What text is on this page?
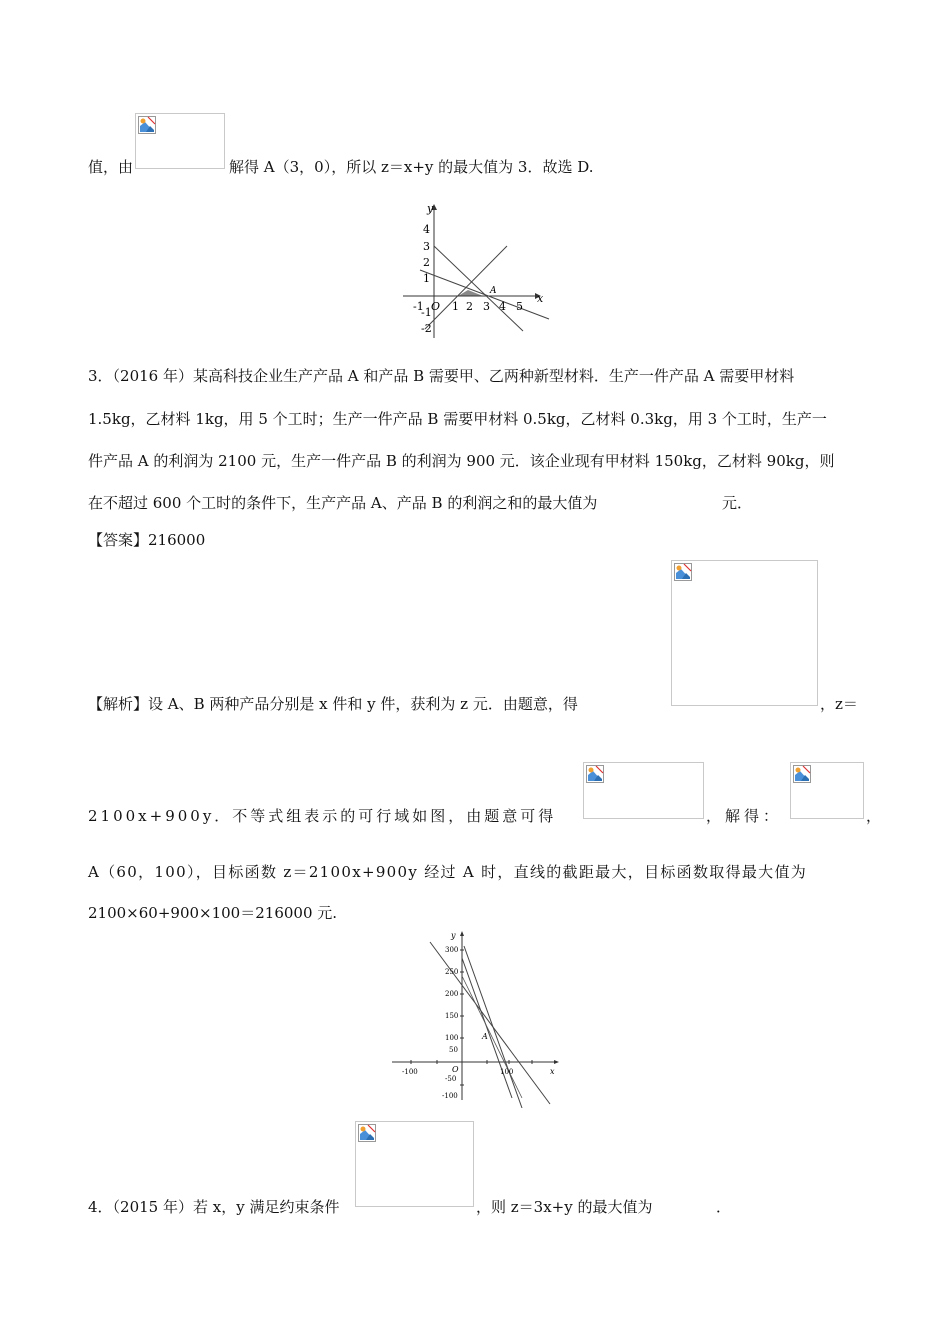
值，由	解得 A（3，0），所以 z＝x+y 的最大值为 3．故选 D.
y
x
O
A
4
3
2
1
-1
-2
-1	1 2 3 4 5
3．（2016 年）某高科技企业生产产品 A 和产品 B 需要甲、乙两种新型材料．生产一件产品 A 需要甲材料
1.5kg，乙材料 1kg，用 5 个工时；生产一件产品 B 需要甲材料 0.5kg，乙材料 0.3kg，用 3 个工时，生产一
件产品 A 的利润为 2100 元，生产一件产品 B 的利润为 900 元．该企业现有甲材料 150kg，乙材料 90kg，则
在不超过 600 个工时的条件下，生产产品 A、产品 B 的利润之和的最大值为	元．
【答案】216000
【解析】设 A、B 两种产品分别是 x 件和 y 件，获利为 z 元．由题意，得	，z＝
2100x+900y．不等式组表示的可行域如图，由题意可得	，解得：	，
A（60，100），目标函数 z＝2100x+900y 经过 A 时，直线的截距最大，目标函数取得最大值为
2100×60+900×100＝216000 元.
y
x
O
A
300
250
200
150
100
50
-50
-100
-100	100
4．（2015 年）若 x，y 满足约束条件	，则 z＝3x+y 的最大值为	．
